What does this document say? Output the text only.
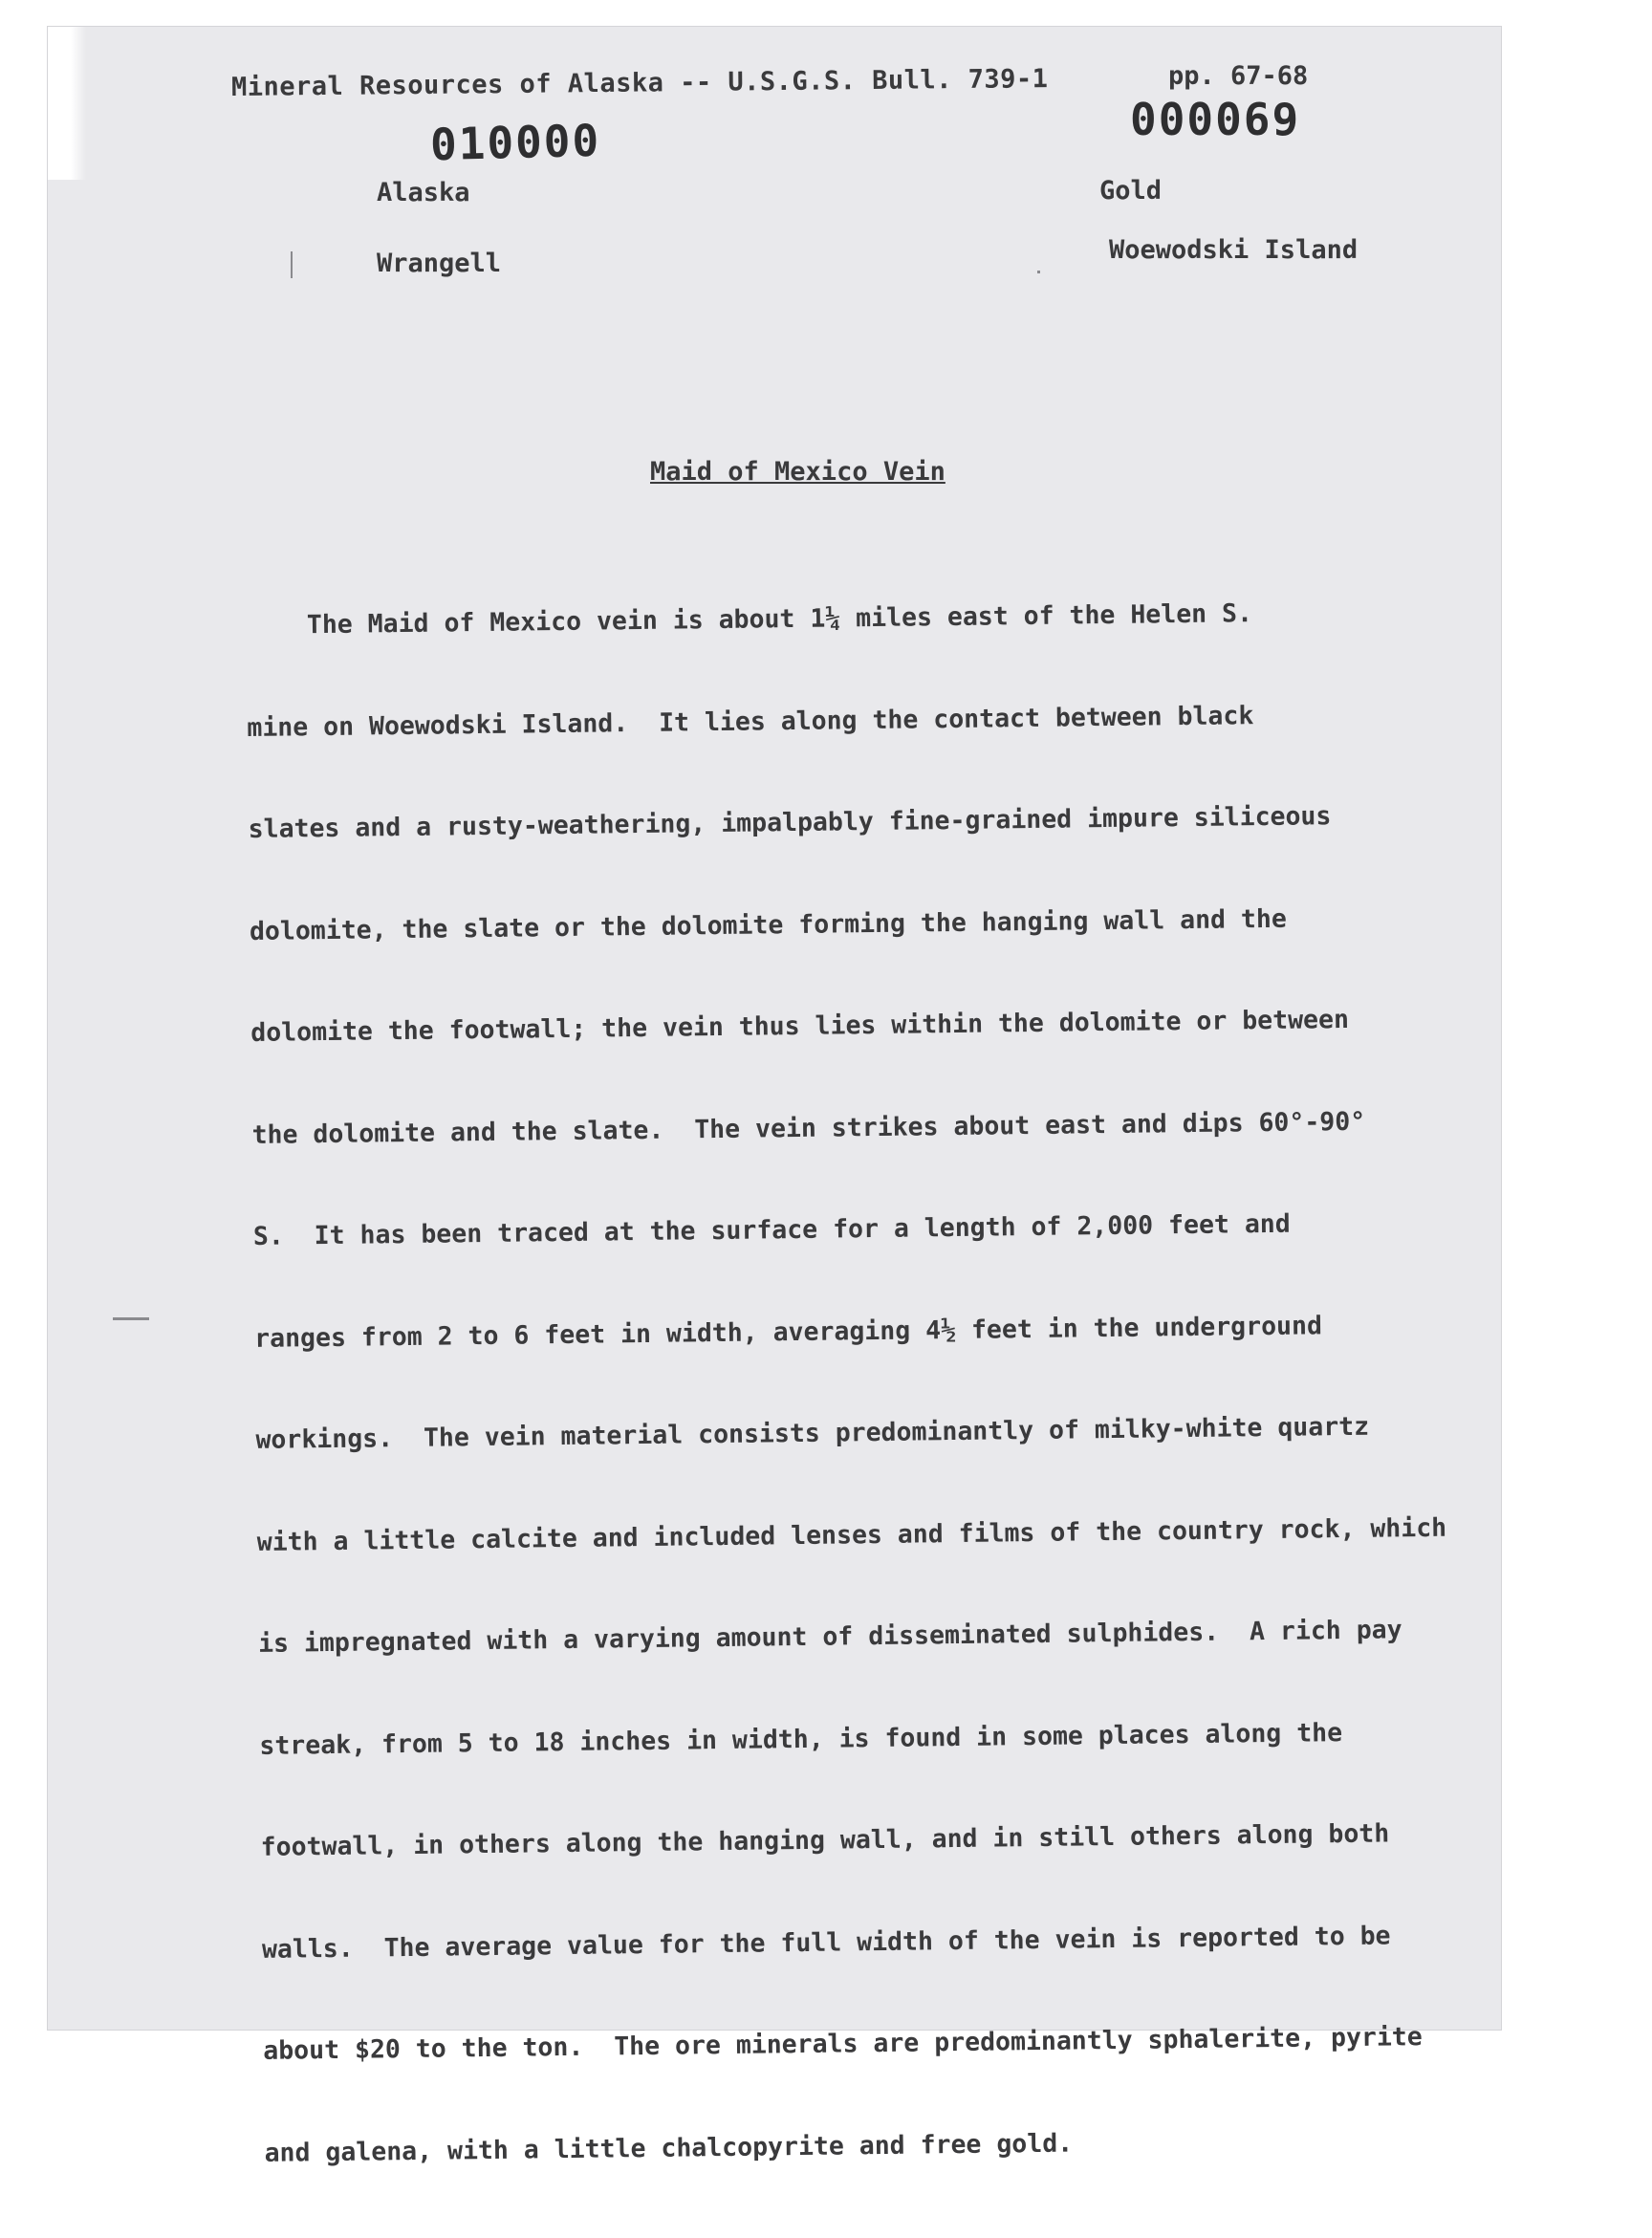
Mineral Resources of Alaska -- U.S.G.S. Bull. 739-1	pp. 67-68
010000	000069
Alaska
Wrangell
Gold
Woewodski Island
Maid of Mexico Vein

The Maid of Mexico vein is about 1¼ miles east of the Helen S.

mine on Woewodski Island.  It lies along the contact between black

slates and a rusty-weathering, impalpably fine-grained impure siliceous

dolomite, the slate or the dolomite forming the hanging wall and the

dolomite the footwall; the vein thus lies within the dolomite or between

the dolomite and the slate.  The vein strikes about east and dips 60°-90°

S.  It has been traced at the surface for a length of 2,000 feet and

ranges from 2 to 6 feet in width, averaging 4½ feet in the underground

workings.  The vein material consists predominantly of milky-white quartz

with a little calcite and included lenses and films of the country rock, which

is impregnated with a varying amount of disseminated sulphides.  A rich pay

streak, from 5 to 18 inches in width, is found in some places along the

footwall, in others along the hanging wall, and in still others along both

walls.  The average value for the full width of the vein is reported to be

about $20 to the ton.  The ore minerals are predominantly sphalerite, pyrite

and galena, with a little chalcopyrite and free gold.
